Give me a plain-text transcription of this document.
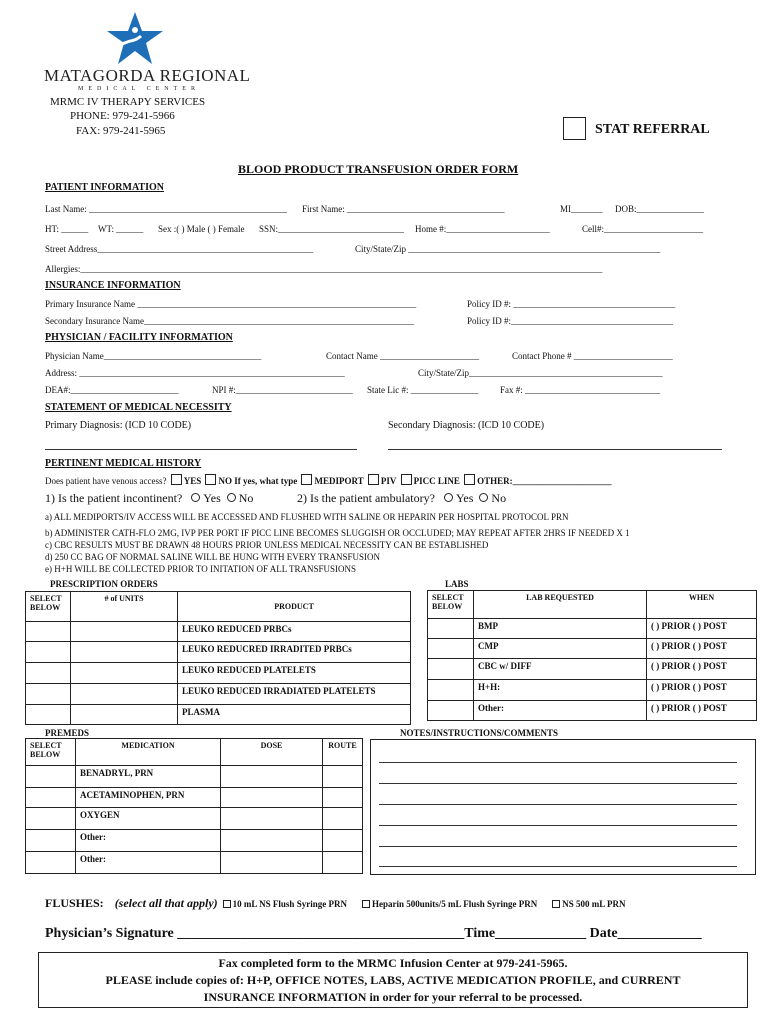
MATAGORDA REGIONAL
MEDICAL CENTER
MRMC IV THERAPY SERVICES
PHONE: 979-241-5966
FAX: 979-241-5965	STAT REFERRAL
BLOOD PRODUCT TRANSFUSION ORDER FORM
PATIENT INFORMATION
Last Name: ____________________________________________ First Name: ___________________________________	MI_______ DOB:_______________
HT: ______ WT: ______ Sex :( ) Male ( ) Female SSN:____________________________ Home #:_______________________	Cell#:______________________
Street Address________________________________________________	City/State/Zip ________________________________________________________
Allergies:____________________________________________________________________________________________________________________
INSURANCE INFORMATION
Primary Insurance Name ______________________________________________________________	Policy ID #: ____________________________________
Secondary Insurance Name____________________________________________________________	Policy ID #:____________________________________
PHYSICIAN / FACILITY INFORMATION
Physician Name___________________________________	Contact Name ______________________	Contact Phone # ______________________
Address: ___________________________________________________________	City/State/Zip___________________________________________
DEA#:________________________	NPI #:__________________________ State Lic #: _______________ Fax #: ______________________________
STATEMENT OF MEDICAL NECESSITY
Primary Diagnosis: (ICD 10 CODE)	Secondary Diagnosis: (ICD 10 CODE)
PERTINENT MEDICAL HISTORY
Does patient have venous access? YES NO If yes, what type MEDIPORT PIV PICC LINE OTHER:______________________
1) Is the patient incontinent? Yes No	2) Is the patient ambulatory? Yes No
a) ALL MEDIPORTS/IV ACCESS WILL BE ACCESSED AND FLUSHED WITH SALINE OR HEPARIN PER HOSPITAL PROTOCOL PRN
b) ADMINISTER CATH-FLO 2MG, IVP PER PORT IF PICC LINE BECOMES SLUGGISH OR OCCLUDED; MAY REPEAT AFTER 2HRS IF NEEDED X 1
c) CBC RESULTS MUST BE DRAWN 48 HOURS PRIOR UNLESS MEDICAL NECESSITY CAN BE ESTABLISHED
d) 250 CC BAG OF NORMAL SALINE WILL BE HUNG WITH EVERY TRANSFUSION
e) H+H WILL BE COLLECTED PRIOR TO INITATION OF ALL TRANSFUSIONS
PRESCRIPTION ORDERS
SELECT BELOW	# of UNITS	PRODUCT
		LEUKO REDUCED PRBCs
		LEUKO REDUCRED IRRADITED PRBCs
		LEUKO REDUCED PLATELETS
		LEUKO REDUCED IRRADIATED PLATELETS
		PLASMA
LABS
SELECT BELOW	LAB REQUESTED	WHEN
	BMP	( ) PRIOR ( ) POST
	CMP	( ) PRIOR ( ) POST
	CBC w/ DIFF	( ) PRIOR ( ) POST
	H+H:	( ) PRIOR ( ) POST
	Other:	( ) PRIOR ( ) POST
PREMEDS
SELECT BELOW	MEDICATION	DOSE	ROUTE
	BENADRYL, PRN		
	ACETAMINOPHEN, PRN		
	OXYGEN		
	Other:		
	Other:		
NOTES/INSTRUCTIONS/COMMENTS
FLUSHES: (select all that apply) 10 mL NS Flush Syringe PRN	Heparin 500units/5 mL Flush Syringe PRN	NS 500 mL PRN
Physician’s Signature _________________________________________Time_____________ Date____________
Fax completed form to the MRMC Infusion Center at 979-241-5965.
PLEASE include copies of: H+P, OFFICE NOTES, LABS, ACTIVE MEDICATION PROFILE, and CURRENT
INSURANCE INFORMATION in order for your referral to be processed.
